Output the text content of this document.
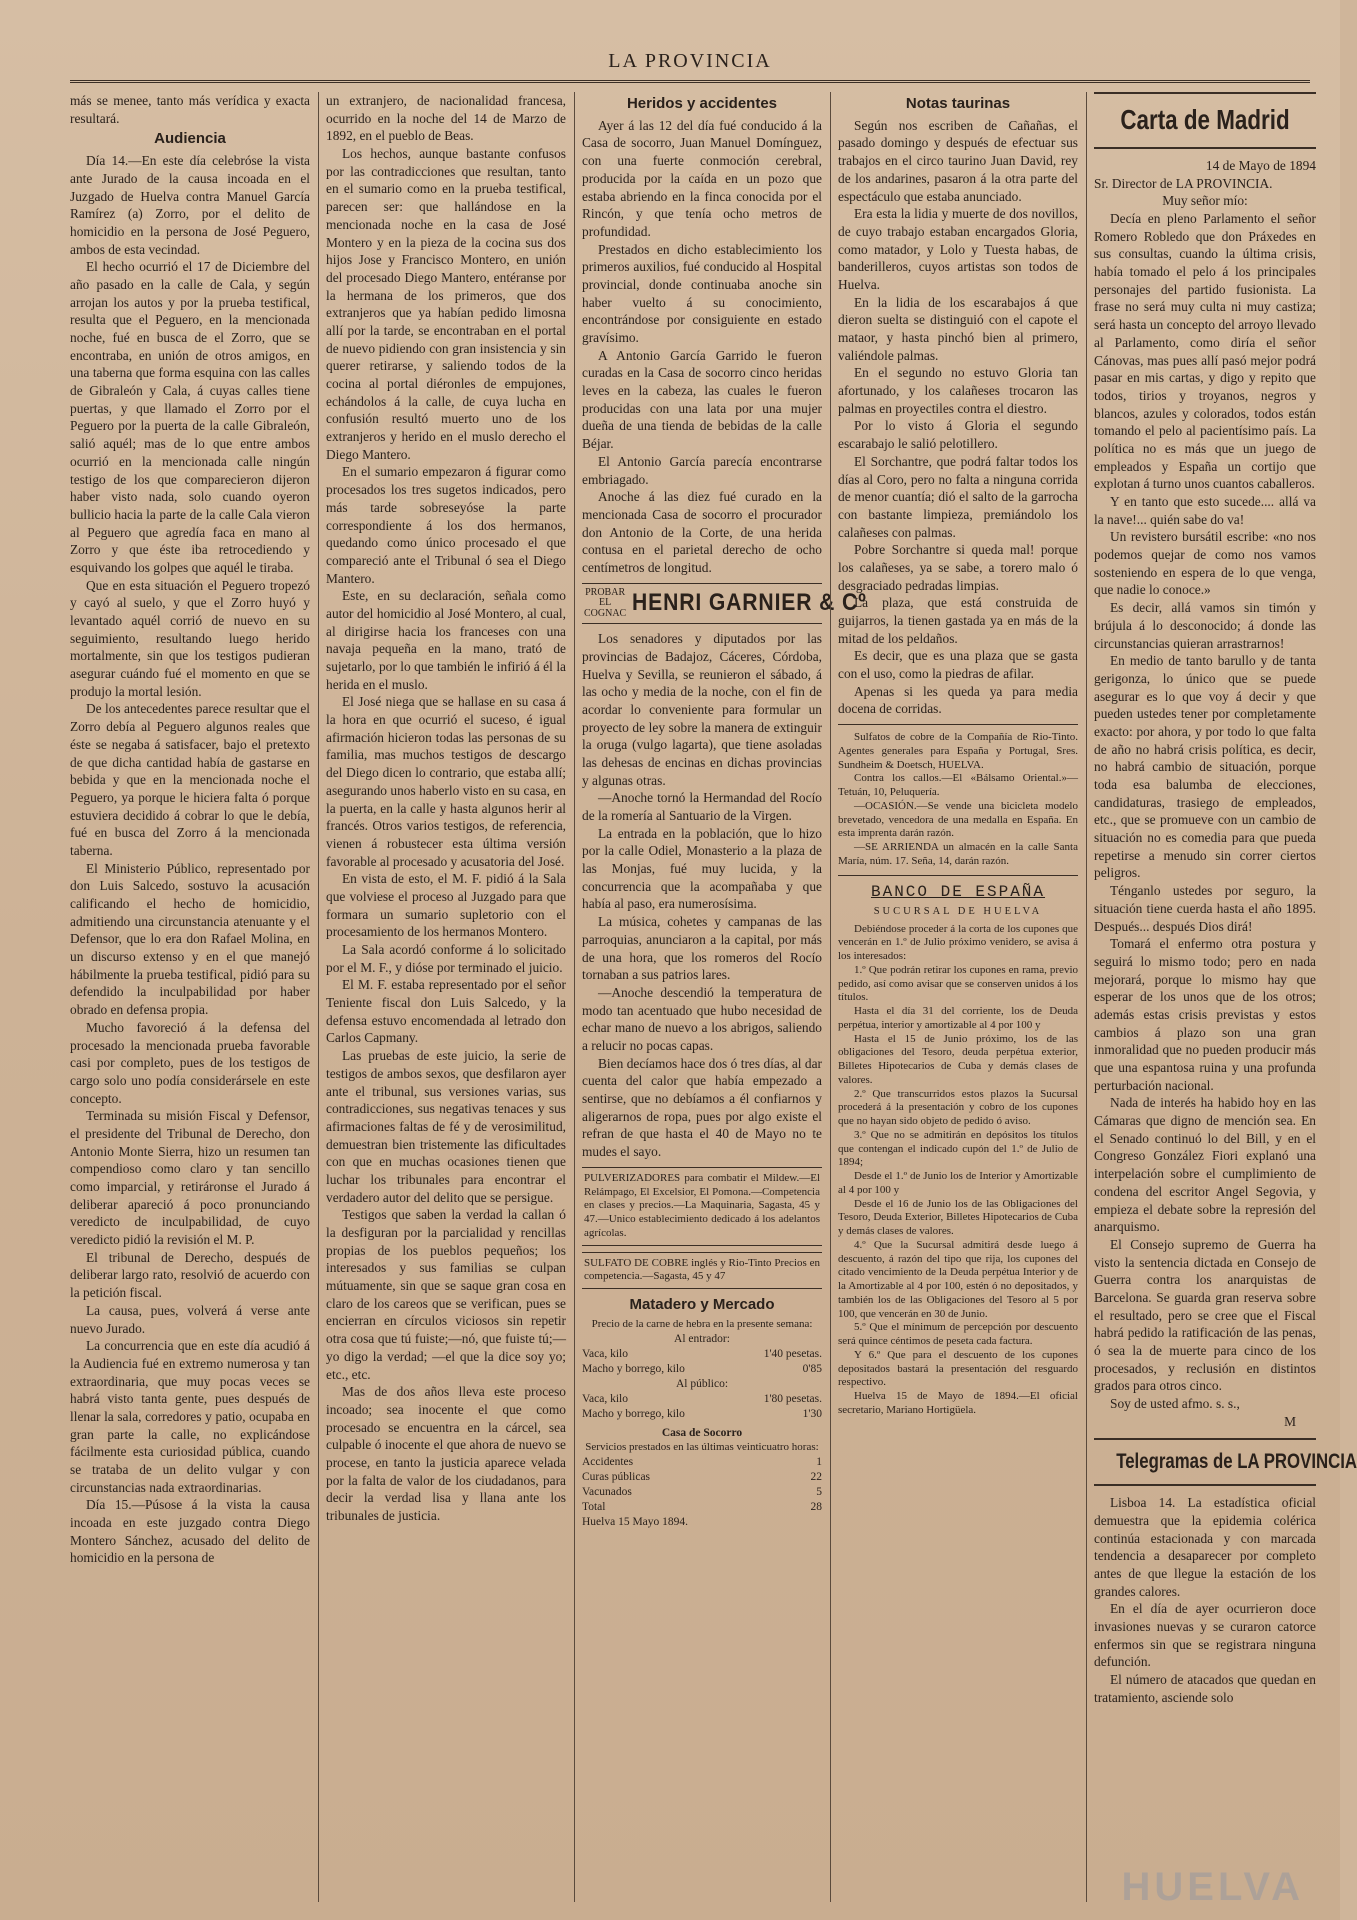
LA PROVINCIA

más se menee, tanto más verídica y exacta resultará.

Audiencia

Día 14.—En este día celebróse la vista ante Jurado de la causa incoada en el Juzgado de Huelva contra Manuel García Ramírez (a) Zorro, por el delito de homicidio en la persona de José Peguero, ambos de esta vecindad.

El hecho ocurrió el 17 de Diciembre del año pasado en la calle de Cala, y según arrojan los autos y por la prueba testifical, resulta que el Peguero, en la mencionada noche, fué en busca de el Zorro, que se encontraba, en unión de otros amigos, en una taberna que forma esquina con las calles de Gibraleón y Cala, á cuyas calles tiene puertas, y que llamado el Zorro por el Peguero por la puerta de la calle Gibraleón, salió aquél; mas de lo que entre ambos ocurrió en la mencionada calle ningún testigo de los que comparecieron dijeron haber visto nada, solo cuando oyeron bullicio hacia la parte de la calle Cala vieron al Peguero que agredía faca en mano al Zorro y que éste iba retrocediendo y esquivando los golpes que aquél le tiraba.

Que en esta situación el Peguero tropezó y cayó al suelo, y que el Zorro huyó y levantado aquél corrió de nuevo en su seguimiento, resultando luego herido mortalmente, sin que los testigos pudieran asegurar cuándo fué el momento en que se produjo la mortal lesión.

De los antecedentes parece resultar que el Zorro debía al Peguero algunos reales que éste se negaba á satisfacer, bajo el pretexto de que dicha cantidad había de gastarse en bebida y que en la mencionada noche el Peguero, ya porque le hiciera falta ó porque estuviera decidido á cobrar lo que le debía, fué en busca del Zorro á la mencionada taberna.

El Ministerio Público, representado por don Luis Salcedo, sostuvo la acusación calificando el hecho de homicidio, admitiendo una circunstancia atenuante y el Defensor, que lo era don Rafael Molina, en un discurso extenso y en el que manejó hábilmente la prueba testifical, pidió para su defendido la inculpabilidad por haber obrado en defensa propia.

Mucho favoreció á la defensa del procesado la mencionada prueba favorable casi por completo, pues de los testigos de cargo solo uno podía considerársele en este concepto.

Terminada su misión Fiscal y Defensor, el presidente del Tribunal de Derecho, don Antonio Monte Sierra, hizo un resumen tan compendioso como claro y tan sencillo como imparcial, y retiráronse el Jurado á deliberar apareció á poco pronunciando veredicto de inculpabilidad, de cuyo veredicto pidió la revisión el M. P.

El tribunal de Derecho, después de deliberar largo rato, resolvió de acuerdo con la petición fiscal.

La causa, pues, volverá á verse ante nuevo Jurado.

La concurrencia que en este día acudió á la Audiencia fué en extremo numerosa y tan extraordinaria, que muy pocas veces se habrá visto tanta gente, pues después de llenar la sala, corredores y patio, ocupaba en gran parte la calle, no explicándose fácilmente esta curiosidad pública, cuando se trataba de un delito vulgar y con circunstancias nada extraordinarias.

Día 15.—Púsose á la vista la causa incoada en este juzgado contra Diego Montero Sánchez, acusado del delito de homicidio en la persona de

un extranjero, de nacionalidad francesa, ocurrido en la noche del 14 de Marzo de 1892, en el pueblo de Beas.

Los hechos, aunque bastante confusos por las contradicciones que resultan, tanto en el sumario como en la prueba testifical, parecen ser: que hallándose en la mencionada noche en la casa de José Montero y en la pieza de la cocina sus dos hijos Jose y Francisco Montero, en unión del procesado Diego Mantero, entéranse por la hermana de los primeros, que dos extranjeros que ya habían pedido limosna allí por la tarde, se encontraban en el portal de nuevo pidiendo con gran insistencia y sin querer retirarse, y saliendo todos de la cocina al portal diéronles de empujones, echándolos á la calle, de cuya lucha en confusión resultó muerto uno de los extranjeros y herido en el muslo derecho el Diego Mantero.

En el sumario empezaron á figurar como procesados los tres sugetos indicados, pero más tarde sobreseyóse la parte correspondiente á los dos hermanos, quedando como único procesado el que compareció ante el Tribunal ó sea el Diego Mantero.

Este, en su declaración, señala como autor del homicidio al José Montero, al cual, al dirigirse hacia los franceses con una navaja pequeña en la mano, trató de sujetarlo, por lo que también le infirió á él la herida en el muslo.

El José niega que se hallase en su casa á la hora en que ocurrió el suceso, é igual afirmación hicieron todas las personas de su familia, mas muchos testigos de descargo del Diego dicen lo contrario, que estaba allí; asegurando unos haberlo visto en su casa, en la puerta, en la calle y hasta algunos herir al francés. Otros varios testigos, de referencia, vienen á robustecer esta última versión favorable al procesado y acusatoria del José.

En vista de esto, el M. F. pidió á la Sala que volviese el proceso al Juzgado para que formara un sumario supletorio con el procesamiento de los hermanos Montero.

La Sala acordó conforme á lo solicitado por el M. F., y dióse por terminado el juicio.

El M. F. estaba representado por el señor Teniente fiscal don Luis Salcedo, y la defensa estuvo encomendada al letrado don Carlos Capmany.

Las pruebas de este juicio, la serie de testigos de ambos sexos, que desfilaron ayer ante el tribunal, sus versiones varias, sus contradicciones, sus negativas tenaces y sus afirmaciones faltas de fé y de verosimilitud, demuestran bien tristemente las dificultades con que en muchas ocasiones tienen que luchar los tribunales para encontrar el verdadero autor del delito que se persigue.

Testigos que saben la verdad la callan ó la desfiguran por la parcialidad y rencillas propias de los pueblos pequeños; los interesados y sus familias se culpan mútuamente, sin que se saque gran cosa en claro de los careos que se verifican, pues se encierran en círculos viciosos sin repetir otra cosa que tú fuiste;—nó, que fuiste tú;—yo digo la verdad; —el que la dice soy yo; etc., etc.

Mas de dos años lleva este proceso incoado; sea inocente el que como procesado se encuentra en la cárcel, sea culpable ó inocente el que ahora de nuevo se procese, en tanto la justicia aparece velada por la falta de valor de los ciudadanos, para decir la verdad lisa y llana ante los tribunales de justicia.

Heridos y accidentes

Ayer á las 12 del día fué conducido á la Casa de socorro, Juan Manuel Domínguez, con una fuerte conmoción cerebral, producida por la caída en un pozo que estaba abriendo en la finca conocida por el Rincón, y que tenía ocho metros de profundidad.

Prestados en dicho establecimiento los primeros auxilios, fué conducido al Hospital provincial, donde continuaba anoche sin haber vuelto á su conocimiento, encontrándose por consiguiente en estado gravísimo.

A Antonio García Garrido le fueron curadas en la Casa de socorro cinco heridas leves en la cabeza, las cuales le fueron producidas con una lata por una mujer dueña de una tienda de bebidas de la calle Béjar.

El Antonio García parecía encontrarse embriagado.

Anoche á las diez fué curado en la mencionada Casa de socorro el procurador don Antonio de la Corte, de una herida contusa en el parietal derecho de ocho centímetros de longitud.

PROBAR EL COGNAC HENRI GARNIER & Cº

Los senadores y diputados por las provincias de Badajoz, Cáceres, Córdoba, Huelva y Sevilla, se reunieron el sábado, á las ocho y media de la noche, con el fin de acordar lo conveniente para formular un proyecto de ley sobre la manera de extinguir la oruga (vulgo lagarta), que tiene asoladas las dehesas de encinas en dichas provincias y algunas otras.

—Anoche tornó la Hermandad del Rocío de la romería al Santuario de la Virgen.

La entrada en la población, que lo hizo por la calle Odiel, Monasterio a la plaza de las Monjas, fué muy lucida, y la concurrencia que la acompañaba y que había al paso, era numerosísima.

La música, cohetes y campanas de las parroquias, anunciaron a la capital, por más de una hora, que los romeros del Rocío tornaban a sus patrios lares.

—Anoche descendió la temperatura de modo tan acentuado que hubo necesidad de echar mano de nuevo a los abrigos, saliendo a relucir no pocas capas.

Bien decíamos hace dos ó tres días, al dar cuenta del calor que había empezado a sentirse, que no debíamos a él confiarnos y aligerarnos de ropa, pues por algo existe el refran de que hasta el 40 de Mayo no te mudes el sayo.

PULVERIZADORES para combatir el Mildew.—El Relámpago, El Excelsior, El Pomona.—Competencia en clases y precios.—La Maquinaria, Sagasta, 45 y 47.—Unico establecimiento dedicado á los adelantos agrícolas.
SULFATO DE COBRE inglés y Rio-Tinto Precios en competencia.—Sagasta, 45 y 47
Matadero y Mercado
Precio de la carne de hebra en la presente semana:
Al entrador:
Vaca, kilo	1'40 pesetas.
Macho y borrego, kilo	0'85
Al público:
Vaca, kilo	1'80 pesetas.
Macho y borrego, kilo	1'30
Casa de Socorro
Servicios prestados en las últimas veinticuatro horas:
Accidentes	1
Curas públicas	22
Vacunados	5
Total	28
Huelva 15 Mayo 1894.
Notas taurinas

Según nos escriben de Cañañas, el pasado domingo y después de efectuar sus trabajos en el circo taurino Juan David, rey de los andarines, pasaron á la otra parte del espectáculo que estaba anunciado.

Era esta la lidia y muerte de dos novillos, de cuyo trabajo estaban encargados Gloria, como matador, y Lolo y Tuesta habas, de banderilleros, cuyos artistas son todos de Huelva.

En la lidia de los escarabajos á que dieron suelta se distinguió con el capote el mataor, y hasta pinchó bien al primero, valiéndole palmas.

En el segundo no estuvo Gloria tan afortunado, y los calañeses trocaron las palmas en proyectiles contra el diestro.

Por lo visto á Gloria el segundo escarabajo le salió pelotillero.

El Sorchantre, que podrá faltar todos los días al Coro, pero no falta a ninguna corrida de menor cuantía; dió el salto de la garrocha con bastante limpieza, premiándolo los calañeses con palmas.

Pobre Sorchantre si queda mal! porque los calañeses, ya se sabe, a torero malo ó desgraciado pedradas limpias.

La plaza, que está construida de guijarros, la tienen gastada ya en más de la mitad de los peldaños.

Es decir, que es una plaza que se gasta con el uso, como la piedras de afilar.

Apenas si les queda ya para media docena de corridas.

Sulfatos de cobre de la Compañía de Rio-Tinto. Agentes generales para España y Portugal, Sres. Sundheim & Doetsch, HUELVA.

Contra los callos.—El «Bálsamo Oriental.»—Tetuán, 10, Peluquería.

—OCASIÓN.—Se vende una bicicleta modelo brevetado, vencedora de una medalla en España. En esta imprenta darán razón.

—SE ARRIENDA un almacén en la calle Santa María, núm. 17. Seña, 14, darán razón.

BANCO DE ESPAÑA
SUCURSAL DE HUELVA

Debiéndose proceder á la corta de los cupones que vencerán en 1.º de Julio próximo venidero, se avisa á los interesados:

1.º Que podrán retirar los cupones en rama, previo pedido, así como avisar que se conserven unidos á los títulos.

Hasta el día 31 del corriente, los de Deuda perpétua, interior y amortizable al 4 por 100 y

Hasta el 15 de Junio próximo, los de las obligaciones del Tesoro, deuda perpétua exterior, Billetes Hipotecarios de Cuba y demás clases de valores.

2.º Que transcurridos estos plazos la Sucursal procederá á la presentación y cobro de los cupones que no hayan sido objeto de pedido ó aviso.

3.º Que no se admitirán en depósitos los títulos que contengan el indicado cupón del 1.º de Julio de 1894;

Desde el 1.º de Junio los de Interior y Amortizable al 4 por 100 y

Desde el 16 de Junio los de las Obligaciones del Tesoro, Deuda Exterior, Billetes Hipotecarios de Cuba y demás clases de valores.

4.º Que la Sucursal admitirá desde luego á descuento, á razón del tipo que rija, los cupones del citado vencimiento de la Deuda perpétua Interior y de la Amortizable al 4 por 100, estén ó no depositados, y también los de las Obligaciones del Tesoro al 5 por 100, que vencerán en 30 de Junio.

5.º Que el mínimum de percepción por descuento será quince céntimos de peseta cada factura.

Y 6.º Que para el descuento de los cupones depositados bastará la presentación del resguardo respectivo.

Huelva 15 de Mayo de 1894.—El oficial secretario, Mariano Hortigüela.

Carta de Madrid

14 de Mayo de 1894

Sr. Director de LA PROVINCIA.

Muy señor mío:

Decía en pleno Parlamento el señor Romero Robledo que don Práxedes en sus consultas, cuando la última crisis, había tomado el pelo á los principales personajes del partido fusionista. La frase no será muy culta ni muy castiza; será hasta un concepto del arroyo llevado al Parlamento, como diría el señor Cánovas, mas pues allí pasó mejor podrá pasar en mis cartas, y digo y repito que todos, tirios y troyanos, negros y blancos, azules y colorados, todos están tomando el pelo al pacientísimo país. La política no es más que un juego de empleados y España un cortijo que explotan á turno unos cuantos caballeros.

Y en tanto que esto sucede.... allá va la nave!... quién sabe do va!

Un revistero bursátil escribe: «no nos podemos quejar de como nos vamos sosteniendo en espera de lo que venga, que nadie lo conoce.»

Es decir, allá vamos sin timón y brújula á lo desconocido; á donde las circunstancias quieran arrastrarnos!

En medio de tanto barullo y de tanta gerigonza, lo único que se puede asegurar es lo que voy á decir y que pueden ustedes tener por completamente exacto: por ahora, y por todo lo que falta de año no habrá crisis política, es decir, no habrá cambio de situación, porque toda esa balumba de elecciones, candidaturas, trasiego de empleados, etc., que se promueve con un cambio de situación no es comedia para que pueda repetirse a menudo sin correr ciertos peligros.

Ténganlo ustedes por seguro, la situación tiene cuerda hasta el año 1895. Después... después Dios dirá!

Tomará el enfermo otra postura y seguirá lo mismo todo; pero en nada mejorará, porque lo mismo hay que esperar de los unos que de los otros; además estas crisis previstas y estos cambios á plazo son una gran inmoralidad que no pueden producir más que una espantosa ruina y una profunda perturbación nacional.

Nada de interés ha habido hoy en las Cámaras que digno de mención sea. En el Senado continuó lo del Bill, y en el Congreso González Fiori explanó una interpelación sobre el cumplimiento de condena del escritor Angel Segovia, y empieza el debate sobre la represión del anarquismo.

El Consejo supremo de Guerra ha visto la sentencia dictada en Consejo de Guerra contra los anarquistas de Barcelona. Se guarda gran reserva sobre el resultado, pero se cree que el Fiscal habrá pedido la ratificación de las penas, ó sea la de muerte para cinco de los procesados, y reclusión en distintos grados para otros cinco.

Soy de usted afmo. s. s.,

M

Telegramas de LA PROVINCIA

Lisboa 14. La estadística oficial demuestra que la epidemia colérica continúa estacionada y con marcada tendencia a desaparecer por completo antes de que llegue la estación de los grandes calores.

En el día de ayer ocurrieron doce invasiones nuevas y se curaron catorce enfermos sin que se registrara ninguna defunción.

El número de atacados que quedan en tratamiento, asciende solo

HUELVA
